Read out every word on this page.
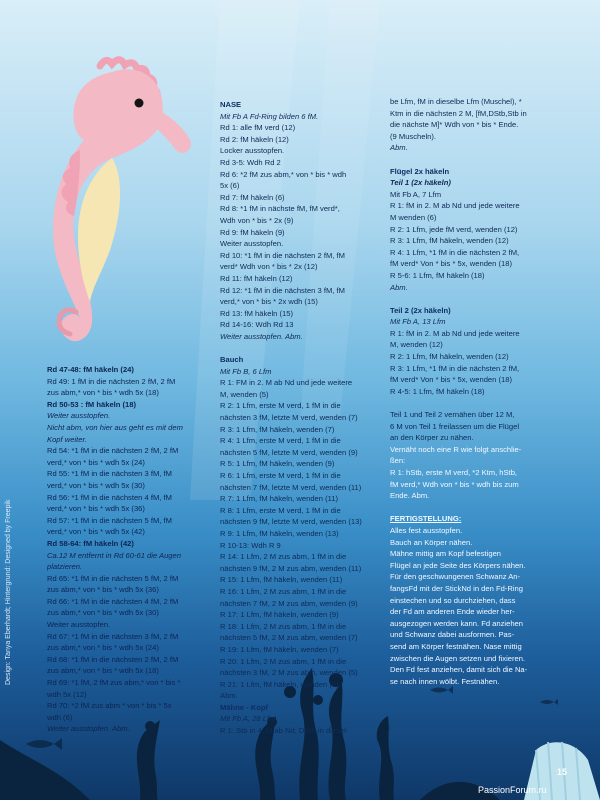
Rd 47-48: fM häkeln (24)
Rd 49: 1 fM in die nächsten 2 fM, 2 fM
zus abm,* von * bis * wdh 5x (18)
Rd 50-53 : fM häkeln (18)
Weiter ausstopfen.
Nicht abm, von hier aus geht es mit dem
Kopf weiter.
Rd 54: *1 fM in die nächsten 2 fM, 2 fM
verd,* von * bis * wdh 5x (24)
Rd 55: *1 fM in die nächsten 3 fM, fM
verd,* von * bis * wdh 5x (30)
Rd 56: *1 fM in die nächsten 4 fM, fM
verd,* von * bis * wdh 5x (36)
Rd 57: *1 fM in die nächsten 5 fM, fM
verd,* von * bis * wdh 5x (42)
Rd 58-64: fM häkeln (42)
Ca.12 M entfernt in Rd 60-61 die Augen
platzieren.
Rd 65: *1 fM in die nächsten 5 fM, 2 fM
zus abm,* von * bis * wdh 5x (36)
Rd 66: *1 fM in die nächsten 4 fM, 2 fM
zus abm,* von * bis * wdh 5x (30)
Weiter ausstopfen.
Rd 67: *1 fM in die nächsten 3 fM, 2 fM
zus abm,* von * bis * wdh 5x (24)
Rd 68: *1 fM in die nächsten 2 fM, 2 fM
zus abm,* von * bis * wdh 5x (18)
Rd 69: *1 fM, 2 fM zus abm,* von * bis *
wdh 5x (12)
Rd 70: *2 fM zus abm * von * bis * 5x
wdh (6)
Weiter ausstopfen. Abm.
NASE
Mit Fb A Fd-Ring bilden 6 fM.
Rd 1: alle fM verd (12)
Rd 2: fM häkeln (12)
Locker ausstopfen.
Rd 3-5: Wdh Rd 2
Rd 6: *2 fM zus abm,* von * bis * wdh
5x (6)
Rd 7: fM häkeln (6)
Rd 8: *1 fM in nächste fM, fM verd*,
Wdh von * bis * 2x (9)
Rd 9: fM häkeln (9)
Weiter ausstopfen.
Rd 10: *1 fM in die nächsten 2 fM, fM
verd* Wdh von * bis * 2x (12)
Rd 11: fM häkeln (12)
Rd 12: *1 fM in die nächsten 3 fM, fM
verd,* von * bis * 2x wdh (15)
Rd 13: fM häkeln (15)
Rd 14-16: Wdh Rd 13
Weiter ausstopfen. Abm.
Bauch
Mit Fb B, 6 Lfm
R 1: FM in 2. M ab Nd und jede weitere
M, wenden (5)
R 2: 1 Lfm, erste M verd, 1 fM in die
nächsten 3 fM, letzte M verd, wenden (7)
R 3: 1 Lfm, fM häkeln, wenden (7)
R 4: 1 Lfm, erste M verd, 1 fM in die
nächsten 5 fM, letzte M verd, wenden (9)
R 5: 1 Lfm, fM häkeln, wenden (9)
R 6: 1 Lfm, erste M verd, 1 fM in die
nächsten 7 fM, letzte M verd, wenden (11)
R 7: 1 Lfm, fM häkeln, wenden (11)
R 8: 1 Lfm, erste M verd, 1 fM in die
nächsten 9 fM, letzte M verd, wenden (13)
R 9: 1 Lfm, fM häkeln, wenden (13)
R 10-13: Wdh R 9
R 14: 1 Lfm, 2 M zus abm, 1 fM in die
nächsten 9 fM, 2 M zus abm, wenden (11)
R 15: 1 Lfm, fM häkeln, wenden (11)
R 16: 1 Lfm, 2 M zus abm, 1 fM in die
nächsten 7 fM, 2 M zus abm, wenden (9)
R 17: 1 Lfm, fM häkeln, wenden (9)
R 18: 1 Lfm, 2 M zus abm, 1 fM in die
nächsten 5 fM, 2 M zus abm, wenden (7)
R 19: 1 Lfm, fM häkeln, wenden (7)
R 20: 1 Lfm, 2 M zus abm, 1 fM in die
nächsten 3 fM, 2 M zus abm, wenden (5)
R 21: 1 Lfm, fM häkeln, wenden (5)
Abm.
Mähne - Kopf
Mit Fb A, 28 Lfm
R 1: Stb in 4. M ab Nd, DStb in diesel-
be Lfm, fM in dieselbe Lfm (Muschel), *
Ktm in die nächsten 2 M, [fM,DStb,Stb in
die nächste M]* Wdh von * bis * Ende.
(9 Muscheln).
Abm.
Flügel 2x häkeln
Teil 1 (2x häkeln)
Mit Fb A, 7 Lfm
R 1: fM in 2. M ab Nd und jede weitere
M wenden (6)
R 2: 1 Lfm, jede fM verd, wenden (12)
R 3: 1 Lfm, fM häkeln, wenden (12)
R 4: 1 Lfm, *1 fM in die nächsten 2 fM,
fM verd* Von * bis * 5x, wenden (18)
R 5-6: 1 Lfm, fM häkeln (18)
Abm.
Teil 2 (2x häkeln)
Mit Fb A, 13 Lfm
R 1: fM in 2. M ab Nd und jede weitere
M, wenden (12)
R 2: 1 Lfm, fM häkeln, wenden (12)
R 3: 1 Lfm, *1 fM in die nächsten 2 fM,
fM verd* Von * bis * 5x, wenden (18)
R 4-5: 1 Lfm, fM häkeln (18)
Teil 1 und Teil 2 vernähen über 12 M,
6 M von Teil 1 freilassen um die Flügel
an den Körper zu nähen.
Vernäht noch eine R wie folgt anschlie-
ßen:
R 1: hStb, erste M verd, *2 Ktm, hStb,
fM verd,* Wdh von * bis * wdh bis zum
Ende. Abm.
FERTIGSTELLUNG:
Alles fest ausstopfen.
Bauch an Körper nähen.
Mähne mittig am Kopf befestigen
Flügel an jede Seite des Körpers nähen.
Für den geschwungenen Schwanz An-
fangsFd mit der StickNd in den Fd-Ring
einstechen und so durchziehen, dass
der Fd am anderen Ende wieder her-
ausgezogen werden kann. Fd anziehen
und Schwanz dabei ausformen. Pas-
send am Körper festnähen. Nase mittig
zwischen die Augen setzen und fixieren.
Den Fd fest anziehen, damit sich die Na-
se nach innen wölbt. Festnähen.
Design: Tanya Eberhardt; Hintergrund: Designed by Freepik
15
PassionForum.ru
